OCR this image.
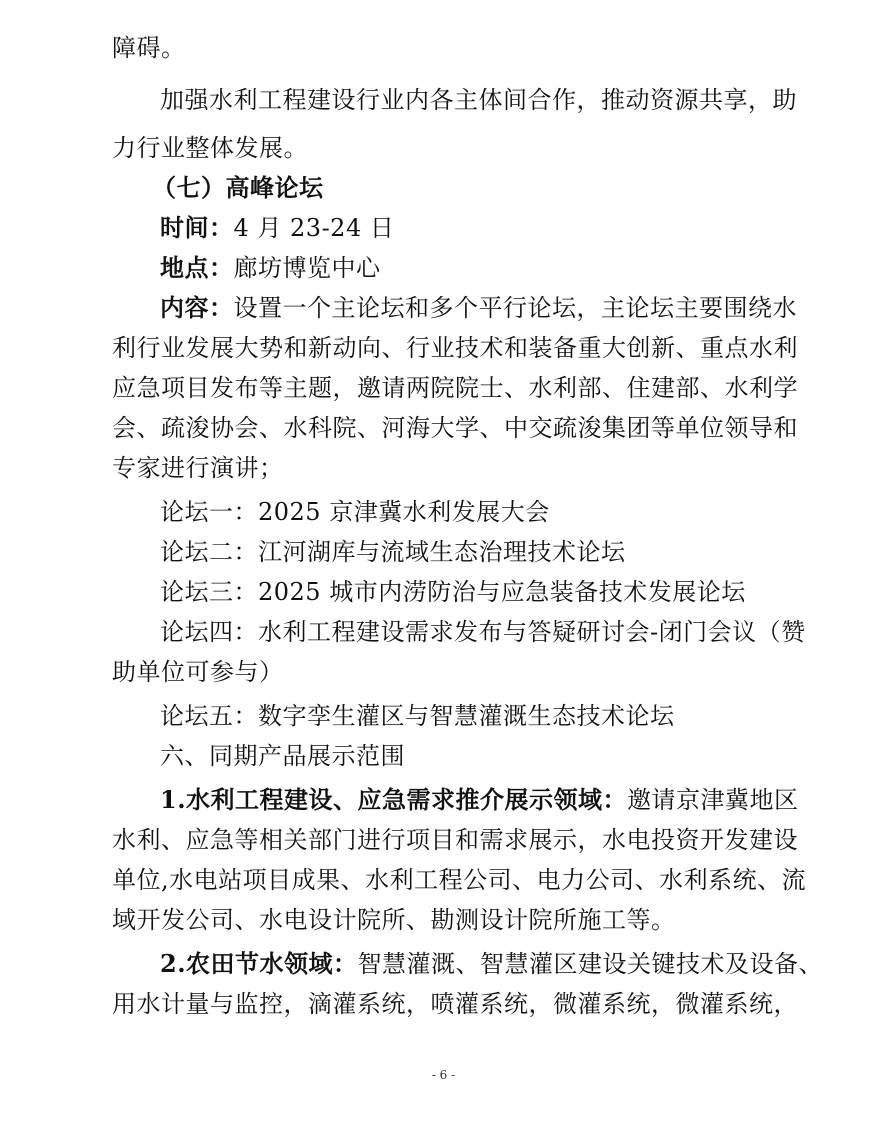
障碍。
加强水利工程建设行业内各主体间合作，推动资源共享，助
力行业整体发展。
（七）高峰论坛
时间：4 月 23-24 日
地点：廊坊博览中心
内容：设置一个主论坛和多个平行论坛，主论坛主要围绕水
利行业发展大势和新动向、行业技术和装备重大创新、重点水利
应急项目发布等主题，邀请两院院士、水利部、住建部、水利学
会、疏浚协会、水科院、河海大学、中交疏浚集团等单位领导和
专家进行演讲；
论坛一：2025 京津冀水利发展大会
论坛二：江河湖库与流域生态治理技术论坛
论坛三：2025 城市内涝防治与应急装备技术发展论坛
论坛四：水利工程建设需求发布与答疑研讨会-闭门会议（赞
助单位可参与）
论坛五：数字孪生灌区与智慧灌溉生态技术论坛
六、同期产品展示范围
1.水利工程建设、应急需求推介展示领域：邀请京津冀地区
水利、应急等相关部门进行项目和需求展示，水电投资开发建设
单位,水电站项目成果、水利工程公司、电力公司、水利系统、流
域开发公司、水电设计院所、勘测设计院所施工等。
2.农田节水领域：智慧灌溉、智慧灌区建设关键技术及设备、
用水计量与监控，滴灌系统，喷灌系统，微灌系统，微灌系统，
- 6 -
